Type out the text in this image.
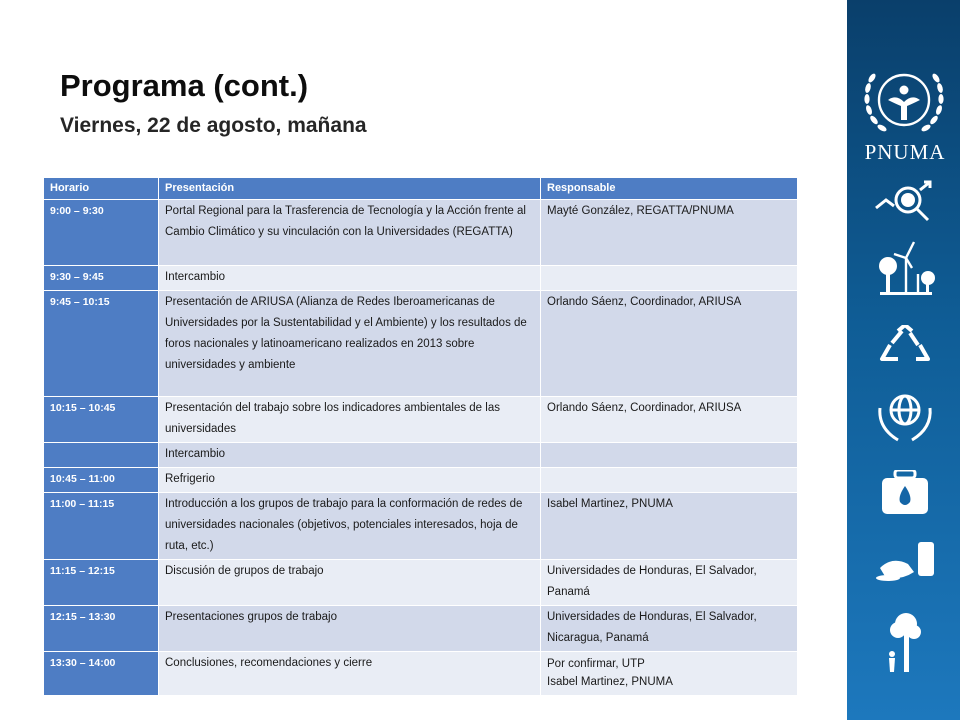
Programa (cont.)
Viernes, 22 de agosto, mañana
Horario	Presentación	Responsable
9:00 – 9:30	Portal Regional para la Trasferencia de Tecnología y la Acción frente al Cambio Climático y su vinculación con la Universidades (REGATTA)	Mayté González, REGATTA/PNUMA
9:30 – 9:45	Intercambio	
9:45 – 10:15	Presentación de ARIUSA (Alianza de Redes Iberoamericanas de Universidades por la Sustentabilidad y el Ambiente) y los resultados de foros nacionales y latinoamericano realizados en 2013 sobre universidades y ambiente	Orlando Sáenz, Coordinador, ARIUSA
10:15 – 10:45	Presentación del trabajo sobre los indicadores ambientales de las universidades	Orlando Sáenz, Coordinador, ARIUSA
	Intercambio	
10:45 – 11:00	Refrigerio	
11:00 – 11:15	Introducción a los grupos de trabajo para la conformación de redes de universidades nacionales (objetivos, potenciales interesados, hoja de ruta, etc.)	Isabel Martinez, PNUMA
11:15 – 12:15	Discusión de grupos de trabajo	Universidades de Honduras, El Salvador, Panamá
12:15 – 13:30	Presentaciones grupos de trabajo	Universidades de Honduras, El Salvador, Nicaragua, Panamá
13:30 – 14:00	Conclusiones, recomendaciones y cierre	Por confirmar, UTP
Isabel Martinez, PNUMA
PNUMA
